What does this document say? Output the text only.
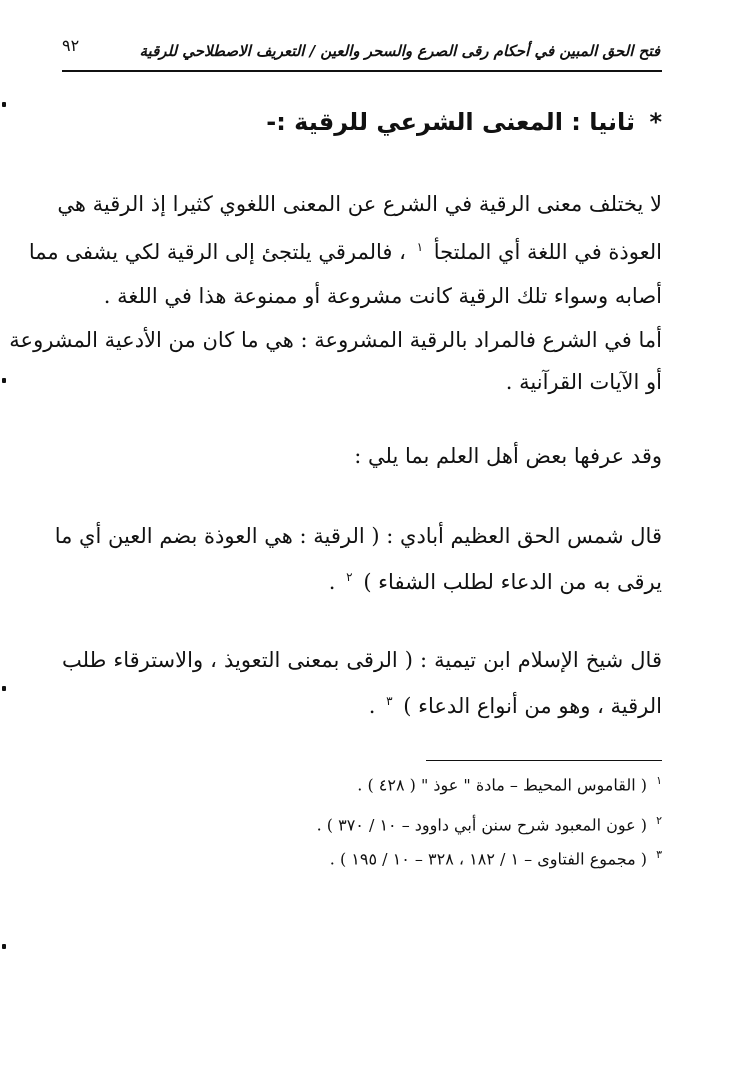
٩٢	فتح الحق المبين في أحكام رقى الصرع والسحر والعين / التعريف الاصطلاحي للرقية
* ثانيا : المعنى الشرعي للرقية :-
لا يختلف معنى الرقية في الشرع عن المعنى اللغوي كثيرا إذ الرقية هي
العوذة في اللغة أي الملتجأ $^١$ ، فالمرقي يلتجئ إلى الرقية لكي يشفى مما
أصابه وسواء تلك الرقية كانت مشروعة أو ممنوعة هذا في اللغة .
أما في الشرع فالمراد بالرقية المشروعة : هي ما كان من الأدعية المشروعة
أو الآيات القرآنية .
وقد عرفها بعض أهل العلم بما يلي :
قال شمس الحق العظيم أبادي : ( الرقية : هي العوذة بضم العين أي ما
يرقى به من الدعاء لطلب الشفاء ) $^٢$ .
قال شيخ الإسلام ابن تيمية : ( الرقى بمعنى التعويذ ، والاسترقاء طلب
الرقية ، وهو من أنواع الدعاء ) $^٣$ .
$^١$ ( القاموس المحيط – مادة " عوذ " ( ٤٢٨ ) .
$^٢$ ( عون المعبود شرح سنن أبي داوود – ١٠ / ٣٧٠ ) .
$^٣$ ( مجموع الفتاوى – ١ / ١٨٢ ، ٣٢٨ – ١٠ / ١٩٥ ) .
